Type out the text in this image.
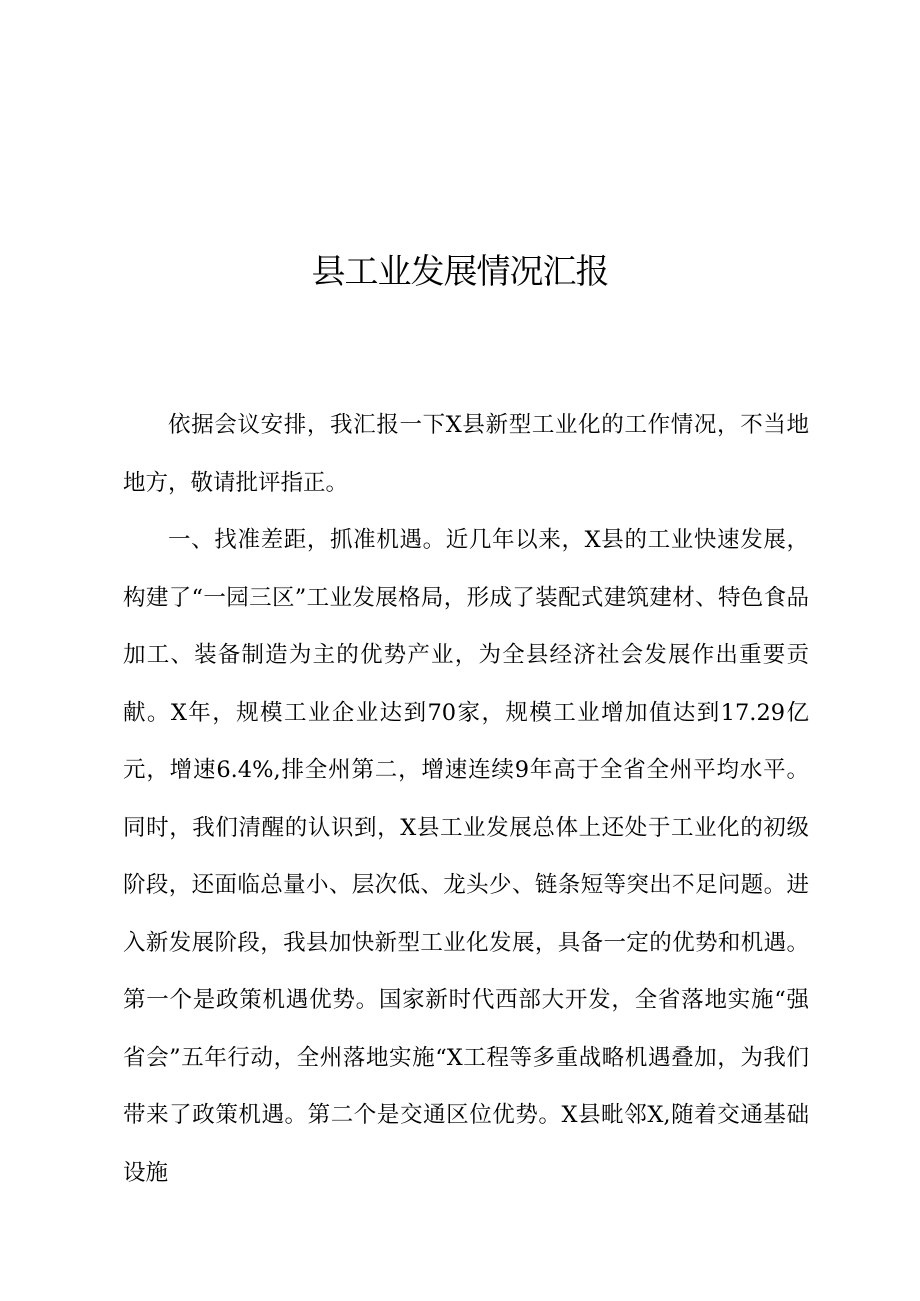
县工业发展情况汇报

依据会议安排，我汇报一下X县新型工业化的工作情况，不当地地方，敬请批评指正。

一、找准差距，抓准机遇。近几年以来，X县的工业快速发展，构建了“一园三区”工业发展格局，形成了装配式建筑建材、特色食品加工、装备制造为主的优势产业，为全县经济社会发展作出重要贡献。X年，规模工业企业达到70家，规模工业增加值达到17.29亿元，增速6.4%,排全州第二，增速连续9年高于全省全州平均水平。同时，我们清醒的认识到，X县工业发展总体上还处于工业化的初级阶段，还面临总量小、层次低、龙头少、链条短等突出不足问题。进入新发展阶段，我县加快新型工业化发展，具备一定的优势和机遇。第一个是政策机遇优势。国家新时代西部大开发，全省落地实施“强省会”五年行动，全州落地实施“X工程等多重战略机遇叠加，为我们带来了政策机遇。第二个是交通区位优势。X县毗邻X,随着交通基础设施
